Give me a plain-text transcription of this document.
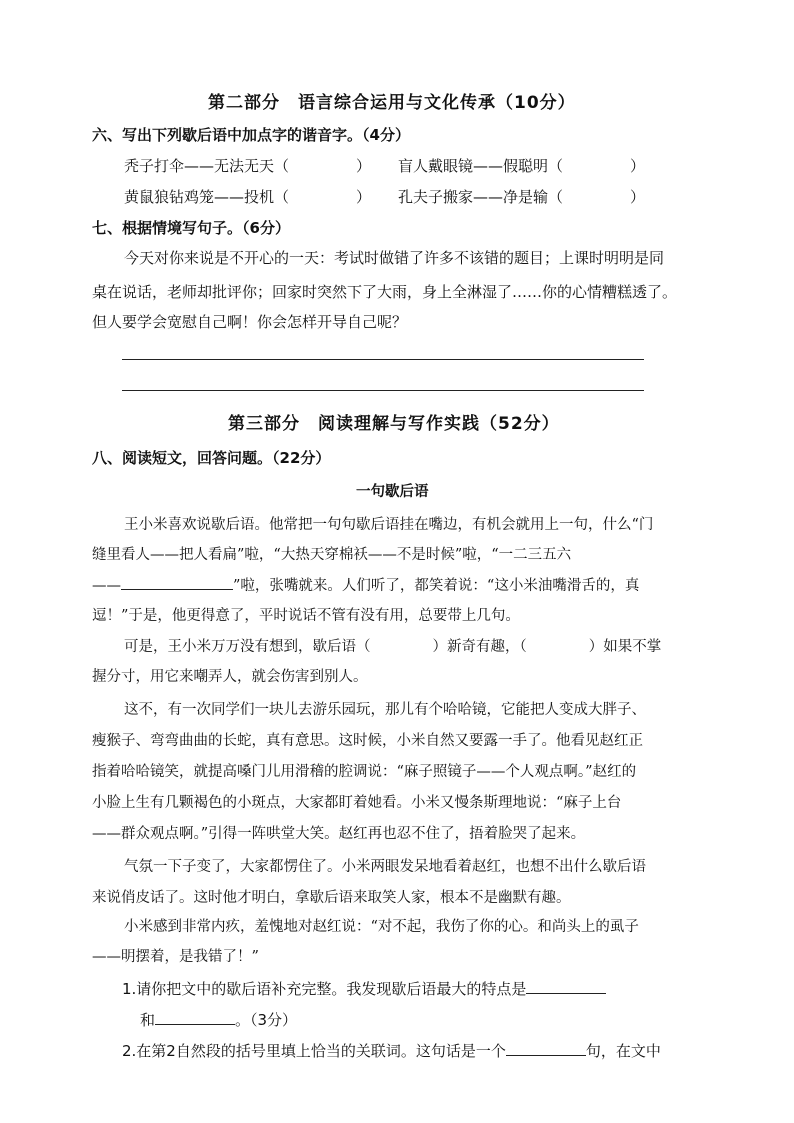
第二部分　语言综合运用与文化传承（10分）
六、写出下列歇后语中加点字的谐音字。（4分）
秃子打伞——无法无天（	） 盲人戴眼镜——假聪明（	）
黄鼠狼钻鸡笼——投机（	） 孔夫子搬家——净是输（	）
七、根据情境写句子。（6分）
今天对你来说是不开心的一天：考试时做错了许多不该错的题目；上课时明明是同
桌在说话，老师却批评你；回家时突然下了大雨，身上全淋湿了……你的心情糟糕透了。
但人要学会宽慰自己啊！你会怎样开导自己呢？
第三部分　阅读理解与写作实践（52分）
八、阅读短文，回答问题。（22分）
一句歇后语
王小米喜欢说歇后语。他常把一句句歇后语挂在嘴边，有机会就用上一句，什么“门
缝里看人——把人看扁”啦，“大热天穿棉袄——不是时候”啦，“一二三五六
——	”啦，张嘴就来。人们听了，都笑着说：“这小米油嘴滑舌的，真
逗！”于是，他更得意了，平时说话不管有没有用，总要带上几句。
可是，王小米万万没有想到，歇后语（	）新奇有趣，（	）如果不掌
握分寸，用它来嘲弄人，就会伤害到别人。
这不，有一次同学们一块儿去游乐园玩，那儿有个哈哈镜，它能把人变成大胖子、
瘦猴子、弯弯曲曲的长蛇，真有意思。这时候，小米自然又要露一手了。他看见赵红正
指着哈哈镜笑，就提高嗓门儿用滑稽的腔调说：“麻子照镜子——个人观点啊。”赵红的
小脸上生有几颗褐色的小斑点，大家都盯着她看。小米又慢条斯理地说：“麻子上台
——群众观点啊。”引得一阵哄堂大笑。赵红再也忍不住了，捂着脸哭了起来。
气氛一下子变了，大家都愣住了。小米两眼发呆地看着赵红，也想不出什么歇后语
来说俏皮话了。这时他才明白，拿歇后语来取笑人家，根本不是幽默有趣。
小米感到非常内疚，羞愧地对赵红说：“对不起，我伤了你的心。和尚头上的虱子
——明摆着，是我错了！”
1.请你把文中的歇后语补充完整。我发现歇后语最大的特点是
和	。（3分）
2.在第2自然段的括号里填上恰当的关联词。这句话是一个	句，在文中
